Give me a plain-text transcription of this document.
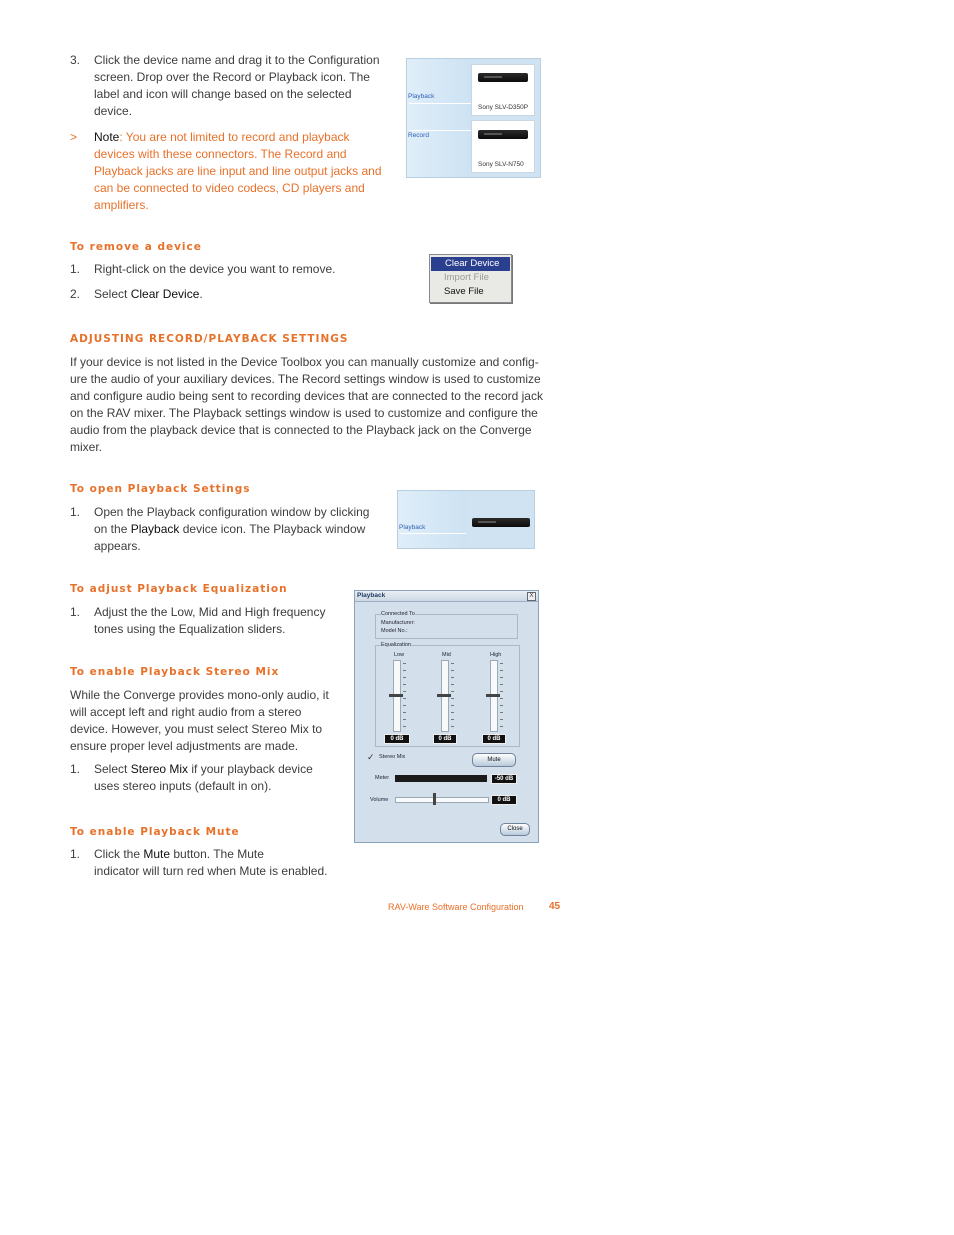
3. Click the device name and drag it to the Configuration
screen. Drop over the Record or Playback icon. The
label and icon will change based on the selected
device.
> Note: You are not limited to record and playback
devices with these connectors. The Record and
Playback jacks are line input and line output jacks and
can be connected to video codecs, CD players and
amplifiers.
Playback
Record
Sony SLV-D350P
Sony SLV-N750
To remove a device
1. Right-click on the device you want to remove.
2. Select Clear Device.
Clear Device
Import File
Save File
ADJUSTING RECORD/PLAYBACK SETTINGS
If your device is not listed in the Device Toolbox you can manually customize and config-
ure the audio of your auxiliary devices. The Record settings window is used to customize
and configure audio being sent to recording devices that are connected to the record jack
on the RAV mixer. The Playback settings window is used to customize and configure the
audio from the playback device that is connected to the Playback jack on the Converge
mixer.
To open Playback Settings
1. Open the Playback configuration window by clicking
on the Playback device icon. The Playback window
appears.
Playback
To adjust Playback Equalization
1. Adjust the the Low, Mid and High frequency
tones using the Equalization sliders.
To enable Playback Stereo Mix
While the Converge provides mono-only audio, it
will accept left and right audio from a stereo
device. However, you must select Stereo Mix to
ensure proper level adjustments are made.
1. Select Stereo Mix if your playback device
uses stereo inputs (default in on).
To enable Playback Mute
1. Click the Mute button. The Mute
indicator will turn red when Mute is enabled.
Playback	X
Connected To
Manufacturer:
Model No.:
Equalization
Low
0 dB
Mid
0 dB
High
0 dB
✓ Stereo Mix	Mute
Meter	-50 dB
Volume	0 dB
Close
RAV-Ware Software Configuration	45
